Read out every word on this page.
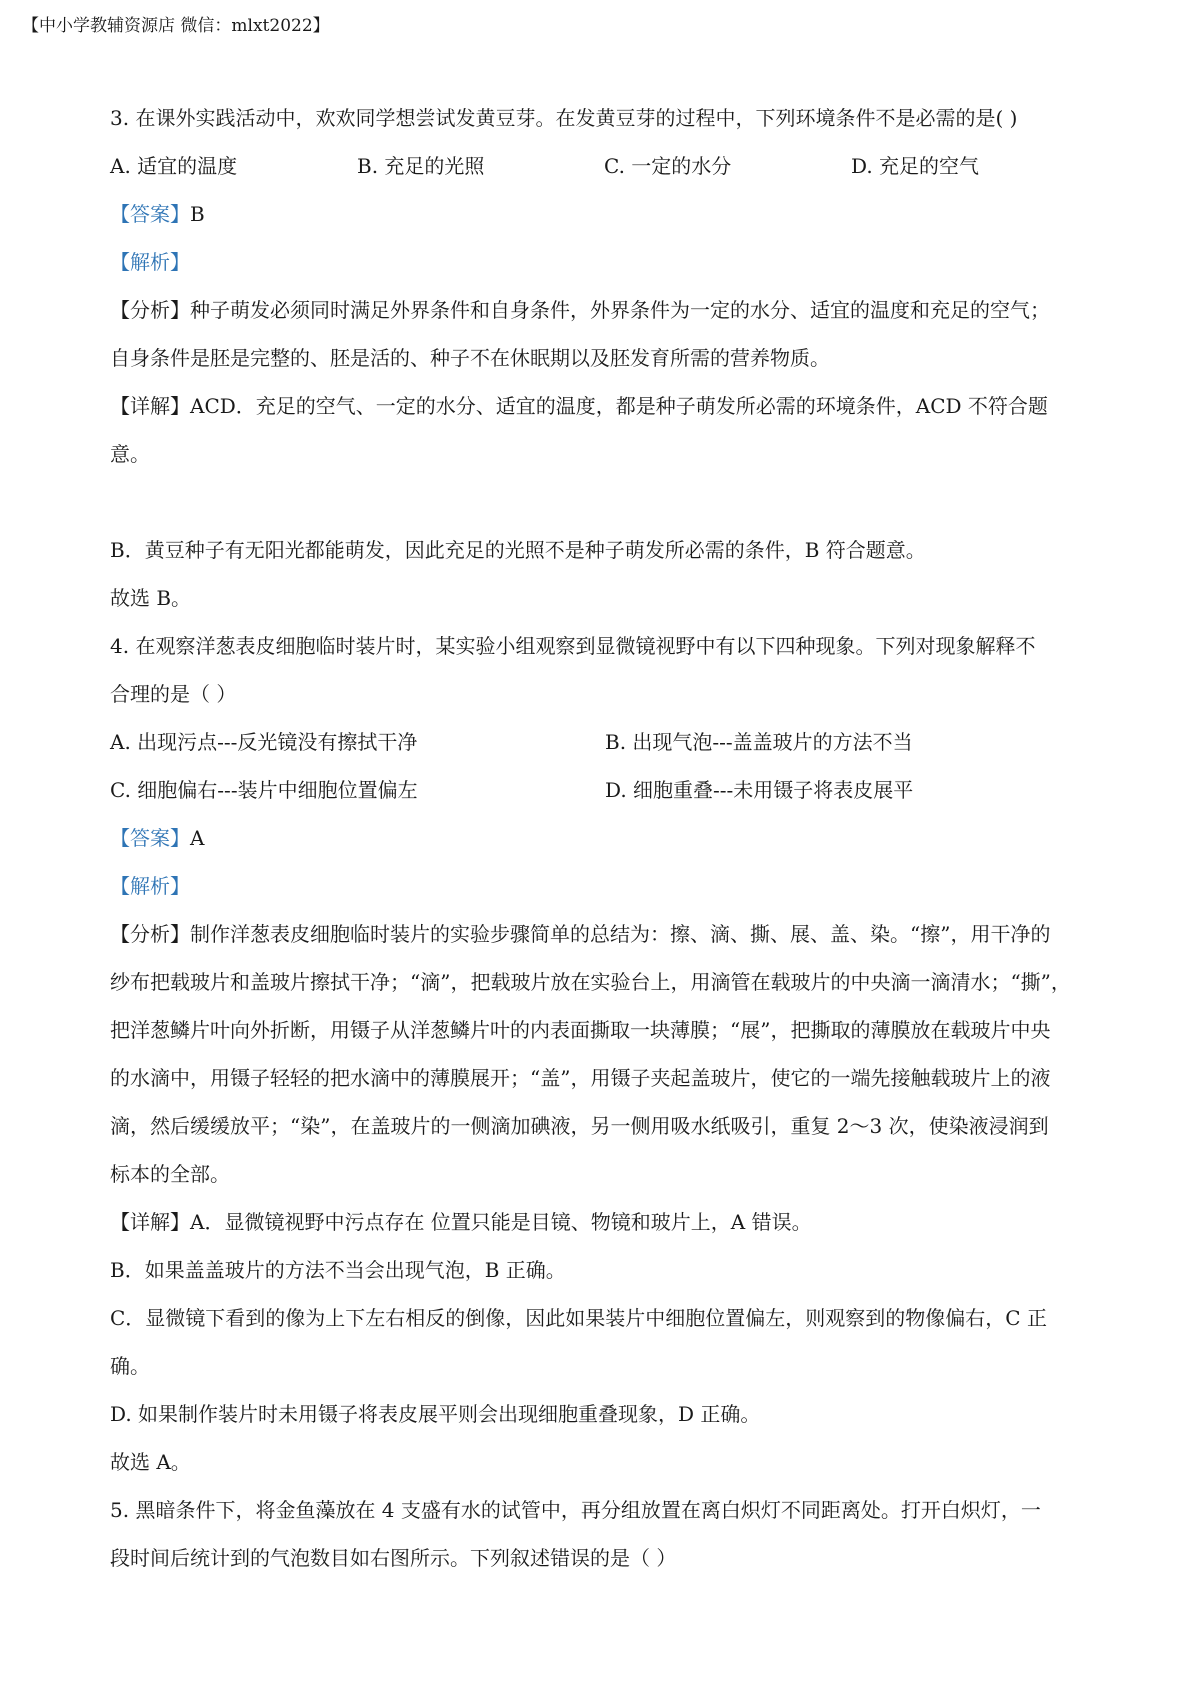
【中小学教辅资源店 微信：mlxt2022】

3. 在课外实践活动中，欢欢同学想尝试发黄豆芽。在发黄豆芽的过程中，下列环境条件不是必需的是( )

A. 适宜的温度	B. 充足的光照	C. 一定的水分	D. 充足的空气

【答案】B

【解析】

【分析】种子萌发必须同时满足外界条件和自身条件，外界条件为一定的水分、适宜的温度和充足的空气；

自身条件是胚是完整的、胚是活的、种子不在休眠期以及胚发育所需的营养物质。

【详解】ACD．充足的空气、一定的水分、适宜的温度，都是种子萌发所必需的环境条件，ACD 不符合题

意。

B．黄豆种子有无阳光都能萌发，因此充足的光照不是种子萌发所必需的条件，B 符合题意。

故选 B。

4. 在观察洋葱表皮细胞临时装片时，某实验小组观察到显微镜视野中有以下四种现象。下列对现象解释不

合理的是（ ）

A. 出现污点---反光镜没有擦拭干净	B. 出现气泡---盖盖玻片的方法不当
C. 细胞偏右---装片中细胞位置偏左	D. 细胞重叠---未用镊子将表皮展平

【答案】A

【解析】

【分析】制作洋葱表皮细胞临时装片的实验步骤简单的总结为：擦、滴、撕、展、盖、染。“擦”，用干净的

纱布把载玻片和盖玻片擦拭干净；“滴”，把载玻片放在实验台上，用滴管在载玻片的中央滴一滴清水；“撕”，

把洋葱鳞片叶向外折断，用镊子从洋葱鳞片叶的内表面撕取一块薄膜；“展”，把撕取的薄膜放在载玻片中央

的水滴中，用镊子轻轻的把水滴中的薄膜展开；“盖”，用镊子夹起盖玻片，使它的一端先接触载玻片上的液

滴，然后缓缓放平；“染”，在盖玻片的一侧滴加碘液，另一侧用吸水纸吸引，重复 2～3 次，使染液浸润到

标本的全部。

【详解】A．显微镜视野中污点存在 位置只能是目镜、物镜和玻片上，A 错误。

B．如果盖盖玻片的方法不当会出现气泡，B 正确。

C．显微镜下看到的像为上下左右相反的倒像，因此如果装片中细胞位置偏左，则观察到的物像偏右，C 正

确。

D. 如果制作装片时未用镊子将表皮展平则会出现细胞重叠现象，D 正确。

故选 A。

5. 黑暗条件下，将金鱼藻放在 4 支盛有水的试管中，再分组放置在离白炽灯不同距离处。打开白炽灯，一

段时间后统计到的气泡数目如右图所示。下列叙述错误的是（ ）
